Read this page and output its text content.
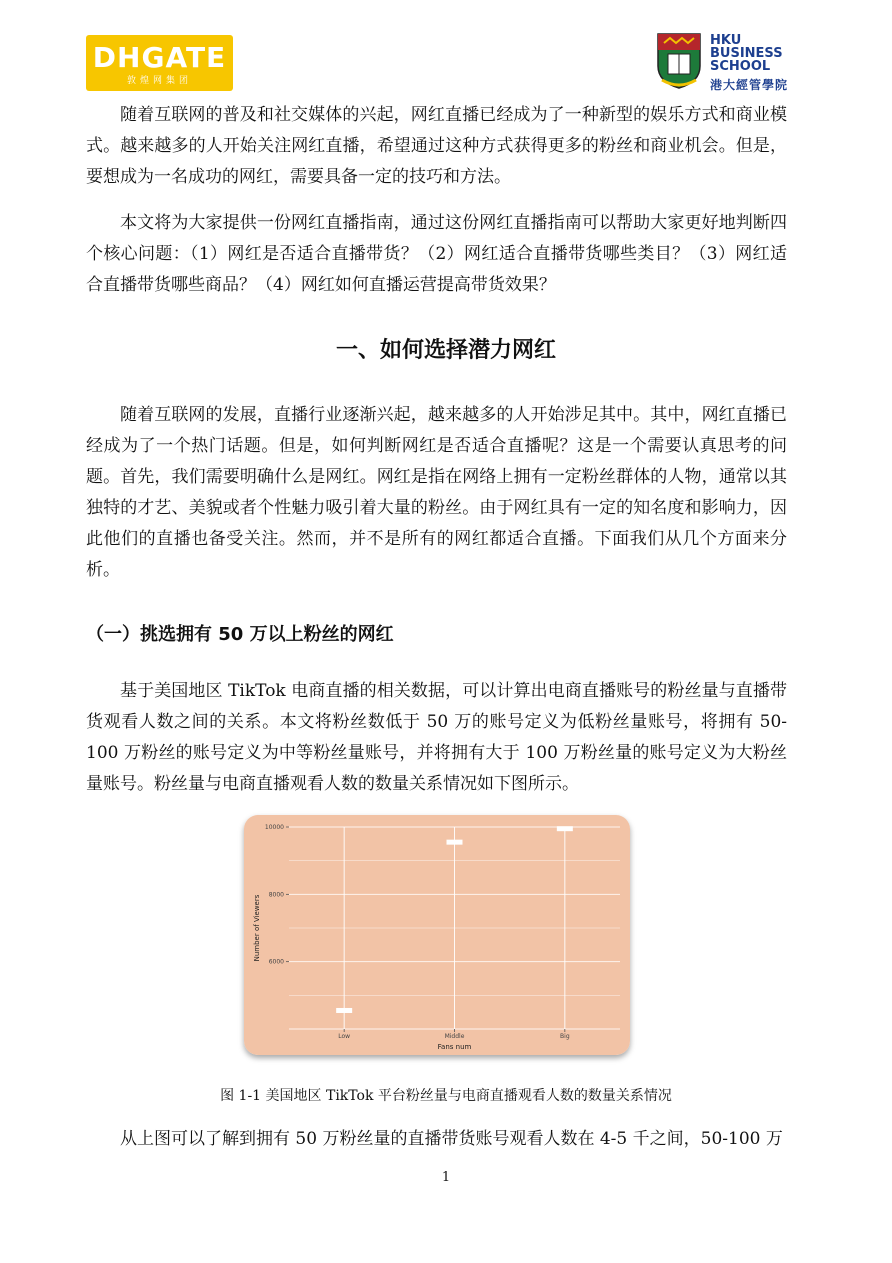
DHGATE
敦煌网集团
HKU
BUSINESS
SCHOOL
港大經管學院

随着互联网的普及和社交媒体的兴起，网红直播已经成为了一种新型的娱乐方式和商业模式。越来越多的人开始关注网红直播，希望通过这种方式获得更多的粉丝和商业机会。但是，要想成为一名成功的网红，需要具备一定的技巧和方法。

本文将为大家提供一份网红直播指南，通过这份网红直播指南可以帮助大家更好地判断四个核心问题：（1）网红是否适合直播带货？（2）网红适合直播带货哪些类目？（3）网红适合直播带货哪些商品？（4）网红如何直播运营提高带货效果？

一、如何选择潜力网红

随着互联网的发展，直播行业逐渐兴起，越来越多的人开始涉足其中。其中，网红直播已经成为了一个热门话题。但是，如何判断网红是否适合直播呢？这是一个需要认真思考的问题。首先，我们需要明确什么是网红。网红是指在网络上拥有一定粉丝群体的人物，通常以其独特的才艺、美貌或者个性魅力吸引着大量的粉丝。由于网红具有一定的知名度和影响力，因此他们的直播也备受关注。然而，并不是所有的网红都适合直播。下面我们从几个方面来分析。

（一）挑选拥有 50 万以上粉丝的网红

基于美国地区 TikTok 电商直播的相关数据，可以计算出电商直播账号的粉丝量与直播带货观看人数之间的关系。本文将粉丝数低于 50 万的账号定义为低粉丝量账号，将拥有 50-100 万粉丝的账号定义为中等粉丝量账号，并将拥有大于 100 万粉丝量的账号定义为大粉丝量账号。粉丝量与电商直播观看人数的数量关系情况如下图所示。

10000
8000
6000
Low	Middle	Big
Fans num
Number of Viewers

图 1-1 美国地区 TikTok 平台粉丝量与电商直播观看人数的数量关系情况

从上图可以了解到拥有 50 万粉丝量的直播带货账号观看人数在 4-5 千之间，50-100 万

1
